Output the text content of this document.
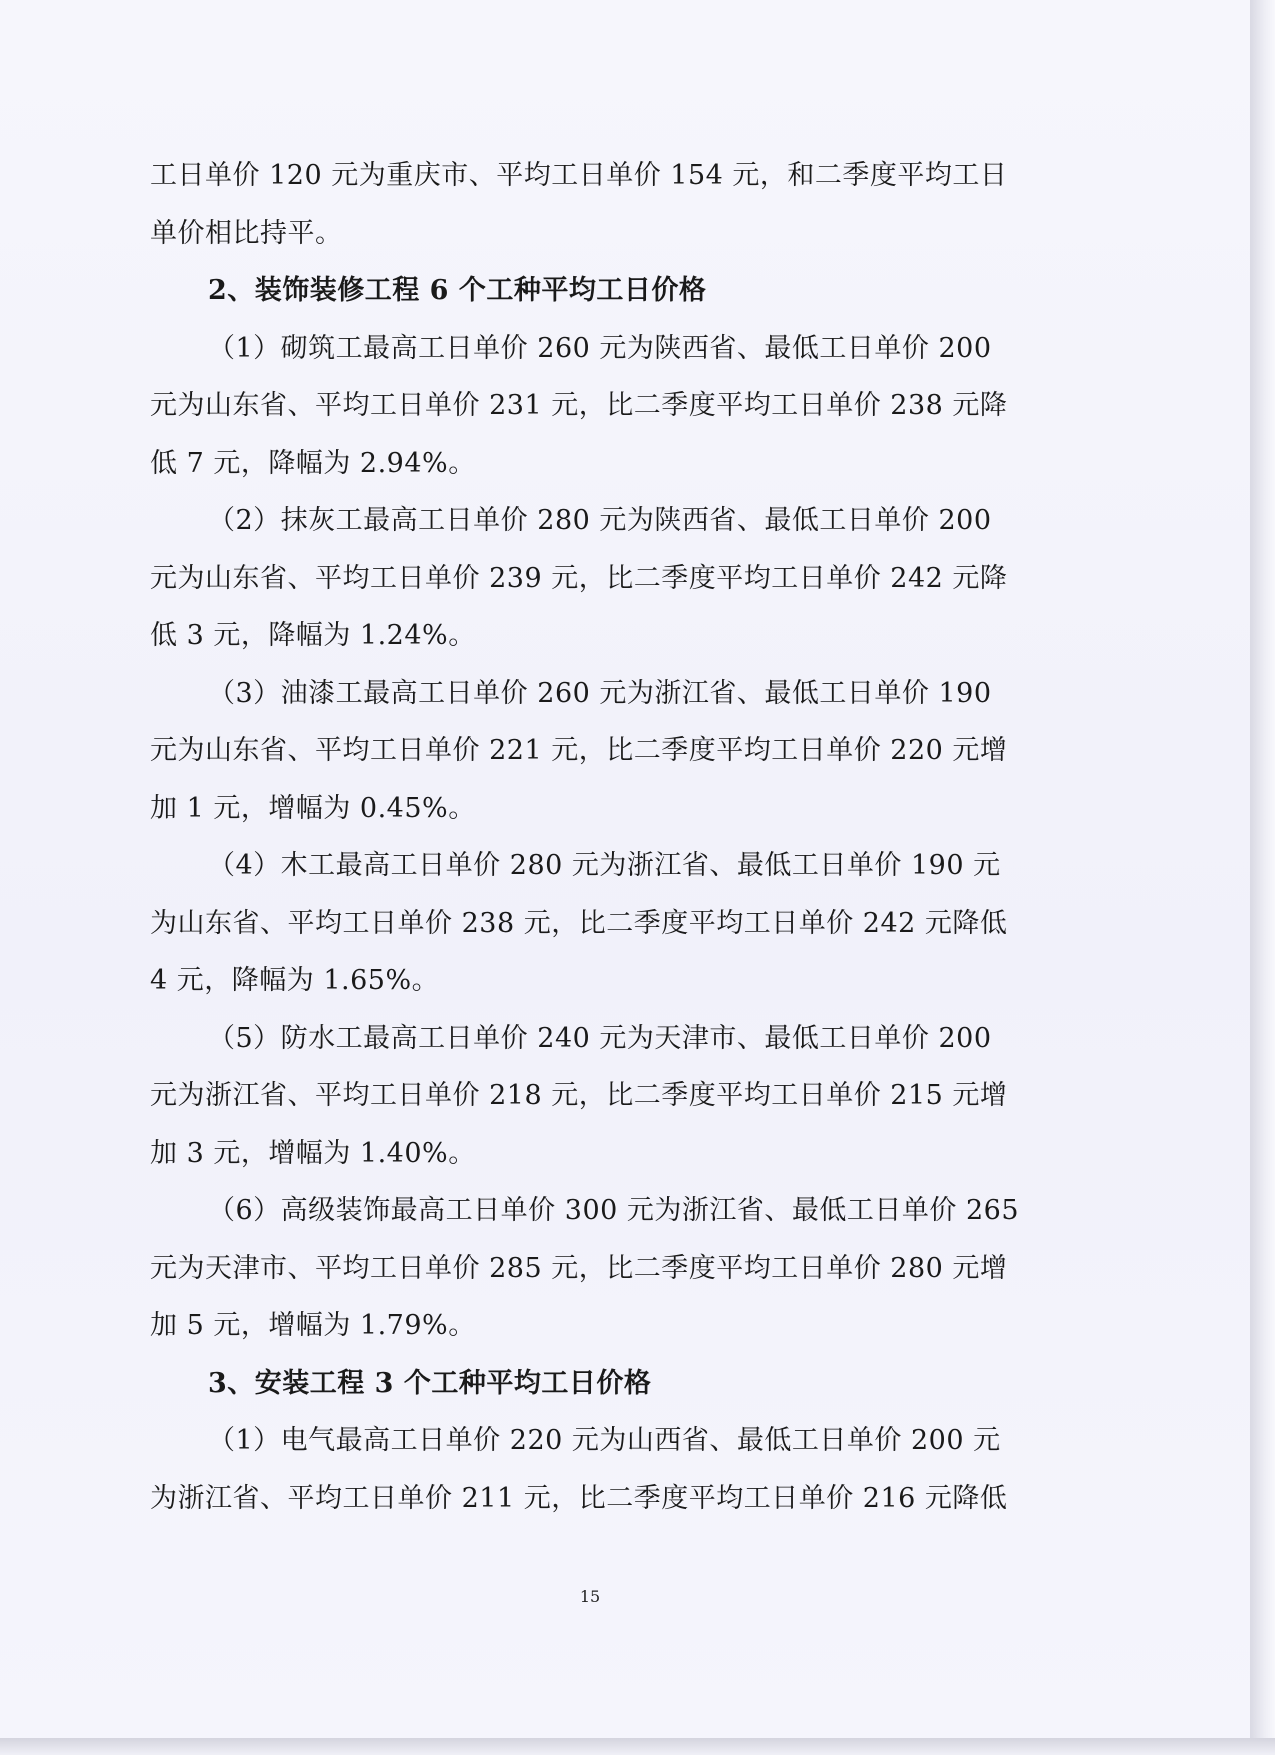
工日单价 120 元为重庆市、平均工日单价 154 元，和二季度平均工日
单价相比持平。
2、装饰装修工程 6 个工种平均工日价格
（1）砌筑工最高工日单价 260 元为陕西省、最低工日单价 200
元为山东省、平均工日单价 231 元，比二季度平均工日单价 238 元降
低 7 元，降幅为 2.94%。
（2）抹灰工最高工日单价 280 元为陕西省、最低工日单价 200
元为山东省、平均工日单价 239 元，比二季度平均工日单价 242 元降
低 3 元，降幅为 1.24%。
（3）油漆工最高工日单价 260 元为浙江省、最低工日单价 190
元为山东省、平均工日单价 221 元，比二季度平均工日单价 220 元增
加 1 元，增幅为 0.45%。
（4）木工最高工日单价 280 元为浙江省、最低工日单价 190 元
为山东省、平均工日单价 238 元，比二季度平均工日单价 242 元降低
4 元，降幅为 1.65%。
（5）防水工最高工日单价 240 元为天津市、最低工日单价 200
元为浙江省、平均工日单价 218 元，比二季度平均工日单价 215 元增
加 3 元，增幅为 1.40%。
（6）高级装饰最高工日单价 300 元为浙江省、最低工日单价 265
元为天津市、平均工日单价 285 元，比二季度平均工日单价 280 元增
加 5 元，增幅为 1.79%。
3、安装工程 3 个工种平均工日价格
（1）电气最高工日单价 220 元为山西省、最低工日单价 200 元
为浙江省、平均工日单价 211 元，比二季度平均工日单价 216 元降低
15
